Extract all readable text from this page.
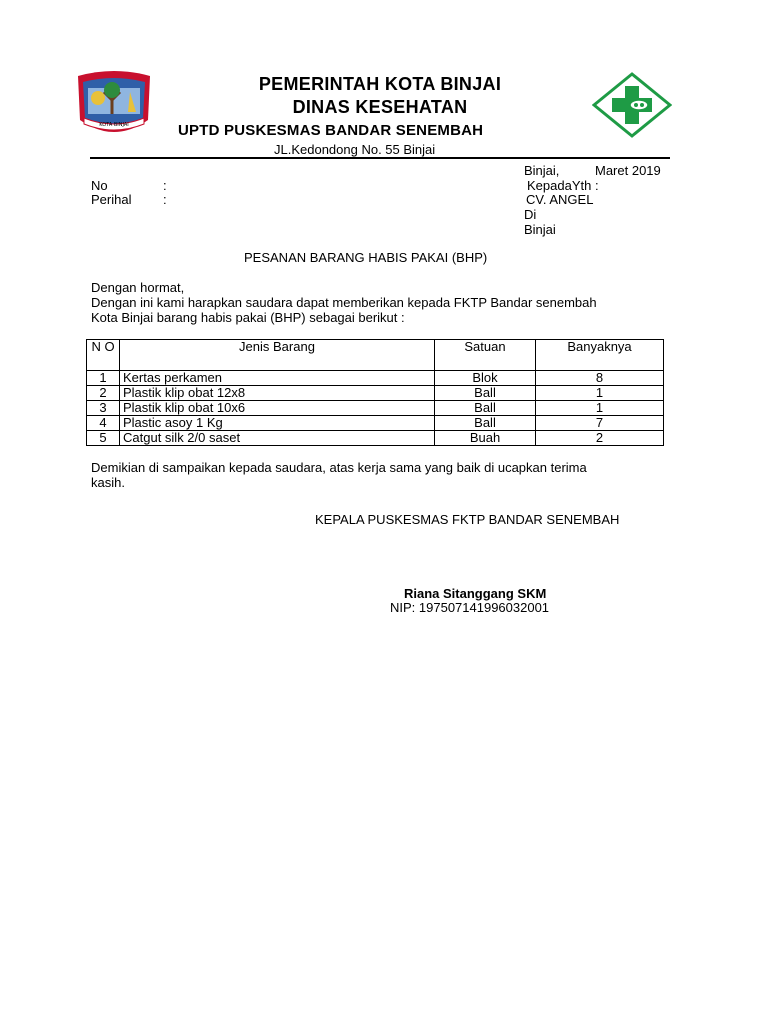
KOTA BINJAI
PEMERINTAH KOTA BINJAI
DINAS KESEHATAN
UPTD PUSKESMAS BANDAR SENEMBAH
JL.Kedondong No. 55 Binjai
Binjai,	Maret 2019
KepadaYth :
CV. ANGEL
Di
Binjai
No	:
Perihal :
PESANAN BARANG HABIS PAKAI (BHP)
Dengan hormat,
Dengan ini kami harapkan saudara dapat memberikan kepada FKTP Bandar senembah
Kota Binjai barang habis pakai (BHP) sebagai berikut :
N O	Jenis Barang	Satuan	Banyaknya
1	Kertas perkamen	Blok	8
2	Plastik klip obat 12x8	Ball	1
3	Plastik klip obat 10x6	Ball	1
4	Plastic asoy 1 Kg	Ball	7
5	Catgut silk 2/0 saset	Buah	2
Demikian di sampaikan kepada saudara, atas kerja sama yang baik di ucapkan terima
kasih.
KEPALA PUSKESMAS FKTP BANDAR SENEMBAH
Riana Sitanggang SKM
NIP: 197507141996032001
